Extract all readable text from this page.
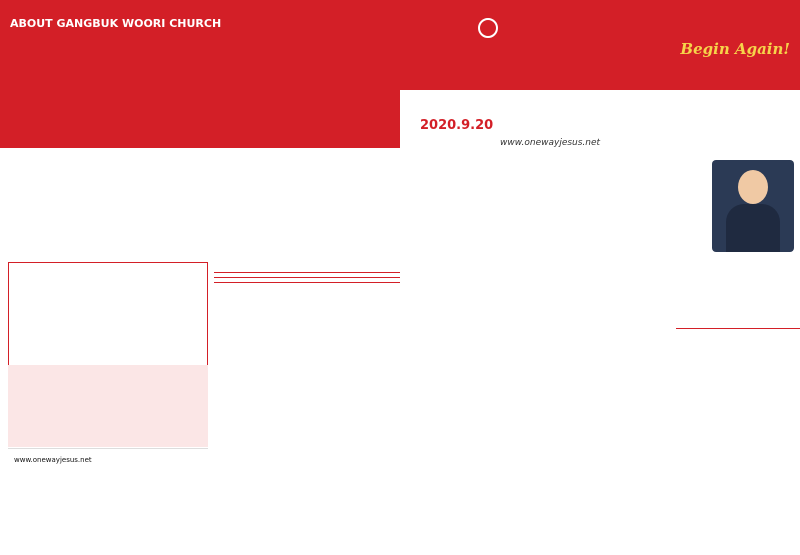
ABOUT GANGBUK WOORI CHURCH
Begin Again!
2020.9.20
www.onewayjesus.net
www.onewayjesus.net
